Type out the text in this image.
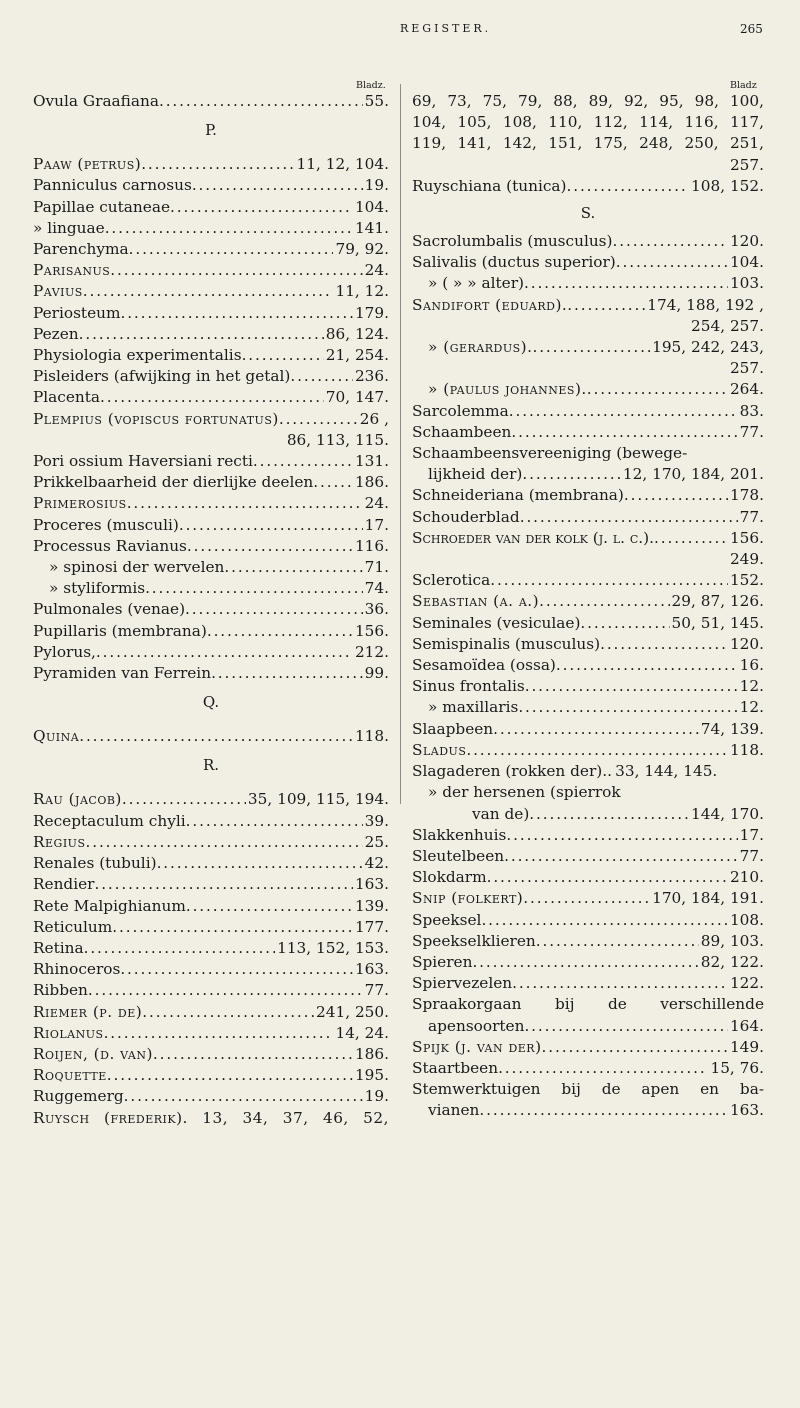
REGISTER.	265
Bladz.	Bladz
Ovula Graafiana . . .	55.
P.
Paaw (petrus) . . .	11, 12, 104.
Panniculus carnosus . . .	19.
Papillae cutaneae . . .	104.
» linguae . . .	141.
Parenchyma . . .	79, 92.
Parisanus . . .	24.
Pavius . . .	11, 12.
Periosteum . . .	179.
Pezen . . .	86, 124.
Physiologia experimentalis . . .	21, 254.
Pisleiders (afwijking in het getal) . . .	236.
Placenta . . .	70, 147.
Plempius (vopiscus fortunatus) . . .	26 ,
86, 113, 115.
Pori ossium Haversiani recti . . .	131.
Prikkelbaarheid der dierlijke deelen . . .	186.
Primerosius . . .	24.
Proceres (musculi) . . .	17.
Processus Ravianus . . .	116.
» spinosi der wervelen . . .	71.
» styliformis . . .	74.
Pulmonales (venae) . . .	36.
Pupillaris (membrana) . . .	156.
Pylorus, . . .	212.
Pyramiden van Ferrein . . .	99.
Q.
Quina . . .	118.
R.
Rau (jacob) . . .	35, 109, 115, 194.
Receptaculum chyli . . .	39.
Regius . . .	25.
Renales (tubuli) . . .	42.
Rendier . . .	163.
Rete Malpighianum . . .	139.
Reticulum . . .	177.
Retina . . .	113, 152, 153.
Rhinoceros . . .	163.
Ribben . . .	77.
Riemer (p. de) . . .	241, 250.
Riolanus . . .	14, 24.
Roijen, (d. van) . . .	186.
Roquette . . .	195.
Ruggemerg . . .	19.
Ruysch (frederik). 13, 34, 37, 46, 52,
69, 73, 75, 79, 88, 89, 92, 95, 98, 100,
104, 105, 108, 110, 112, 114, 116, 117,
119, 141, 142, 151, 175, 248, 250, 251,
257.
Ruyschiana (tunica) . . .	108, 152.
S.
Sacrolumbalis (musculus) . . .	120.
Salivalis (ductus superior) . . .	104.
» ( » » alter) . . .	103.
Sandifort (eduard). . . .	174, 188, 192 ,
254, 257.
» (gerardus). . . .	195, 242, 243,
257.
» (paulus johannes). . . .	264.
Sarcolemma . . .	83.
Schaambeen . . .	77.
Schaambeensvereeniging (bewege-
lijkheid der) . . .	12, 170, 184, 201.
Schneideriana (membrana) . . .	178.
Schouderblad . . .	77.
Schroeder van der kolk (j. l. c.). . . .	156.
249.
Sclerotica . . .	152.
Sebastian (a. a.) . . .	29, 87, 126.
Seminales (vesiculae) . . .	50, 51, 145.
Semispinalis (musculus) . . .	120.
Sesamoïdea (ossa) . . .	16.
Sinus frontalis . . .	12.
» maxillaris . . .	12.
Slaapbeen . . .	74, 139.
Sladus . . .	118.
Slagaderen (rokken der). . . . 33, 144, 145.
» der hersenen (spierrok
van de) . . .	144, 170.
Slakkenhuis . . .	17.
Sleutelbeen . . .	77.
Slokdarm . . .	210.
Snip (folkert) . . .	170, 184, 191.
Speeksel . . .	108.
Speekselklieren . . .	89, 103.
Spieren . . .	82, 122.
Spiervezelen . . .	122.
Spraakorgaan bij de verschillende
apensoorten . . .	164.
Spijk (j. van der) . . .	149.
Staartbeen . . .	15, 76.
Stemwerktuigen bij de apen en ba-
vianen . . .	163.
